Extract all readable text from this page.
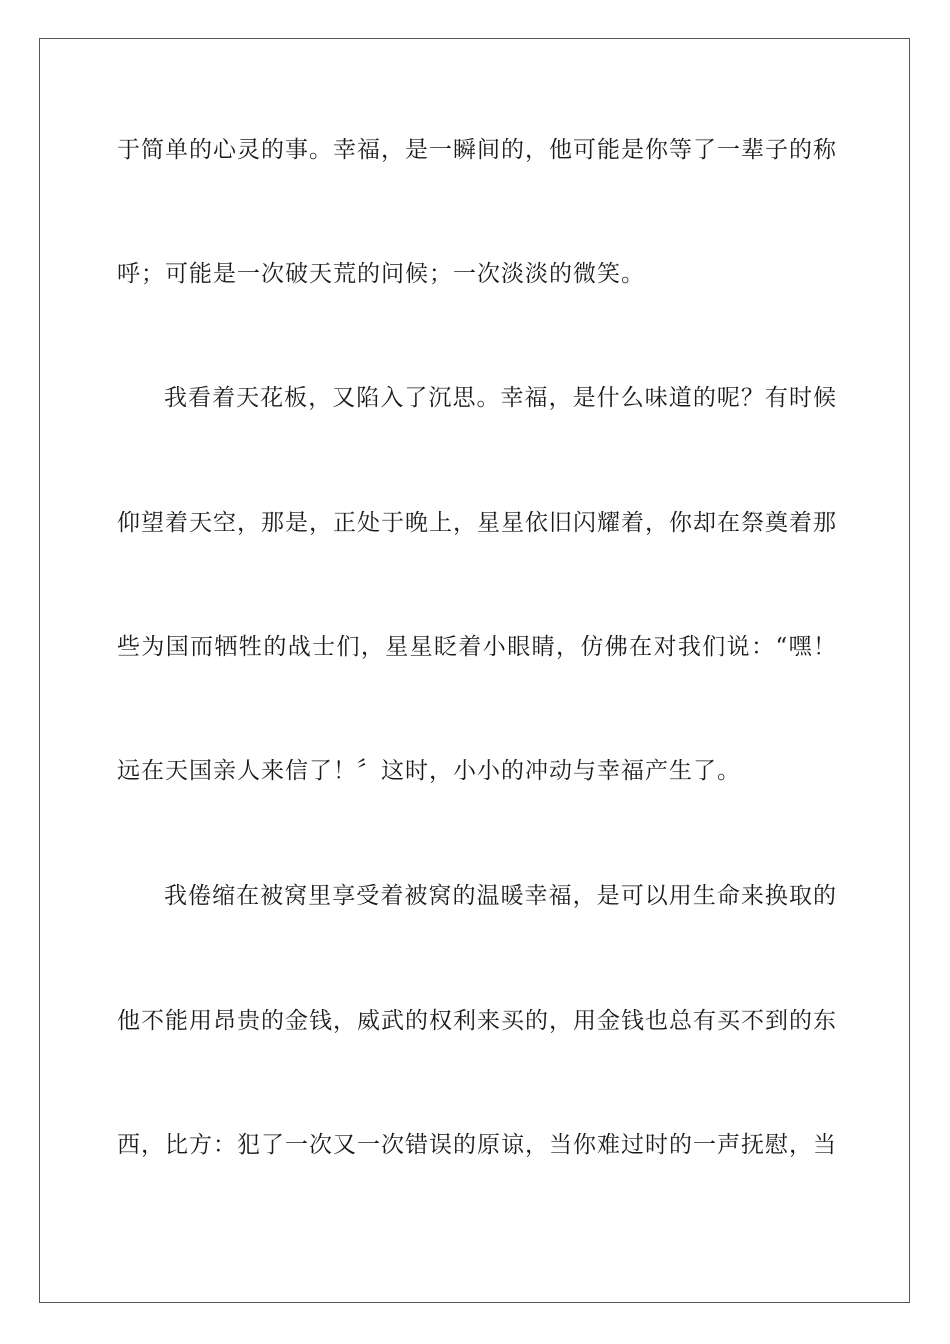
于简单的心灵的事。幸福，是一瞬间的，他可能是你等了一辈子的称
呼；可能是一次破天荒的问候；一次淡淡的微笑。
我看着天花板，又陷入了沉思。幸福，是什么味道的呢？有时候
仰望着天空，那是，正处于晚上，星星依旧闪耀着，你却在祭奠着那
些为国而牺牲的战士们，星星眨着小眼睛，仿佛在对我们说：“嘿！
远在天国亲人来信了！〞这时，小小的冲动与幸福产生了。
我倦缩在被窝里享受着被窝的温暖幸福，是可以用生命来换取的
他不能用昂贵的金钱，威武的权利来买的，用金钱也总有买不到的东
西，比方：犯了一次又一次错误的原谅，当你难过时的一声抚慰，当
